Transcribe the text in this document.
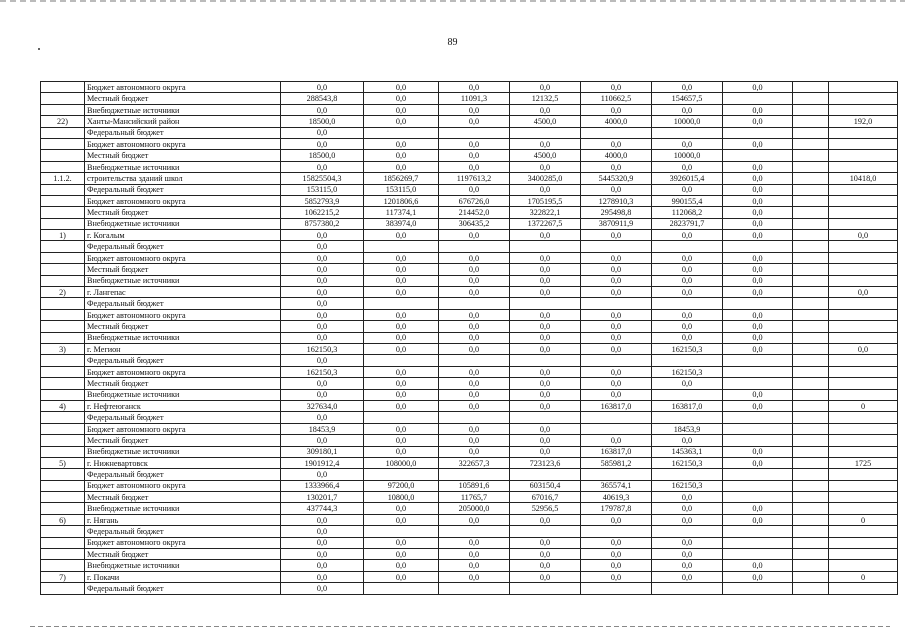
89
	Бюджет автономного округа	0,0	0,0	0,0	0,0	0,0	0,0	0,0		
	Местный бюджет	288543,8	0,0	11091,3	12132,5	110662,5	154657,5			
	Внебюджетные источники	0,0	0,0	0,0	0,0	0,0	0,0	0,0		
22)	Ханты-Мансийский район	18500,0	0,0	0,0	4500,0	4000,0	10000,0	0,0		192,0
	Федеральный бюджет	0,0								
	Бюджет автономного округа	0,0	0,0	0,0	0,0	0,0	0,0	0,0		
	Местный бюджет	18500,0	0,0	0,0	4500,0	4000,0	10000,0			
	Внебюджетные источники	0,0	0,0	0,0	0,0	0,0	0,0	0,0		
1.1.2.	строительства зданий школ	15825504,3	1856269,7	1197613,2	3400285,0	5445320,9	3926015,4	0,0		10418,0
	Федеральный бюджет	153115,0	153115,0	0,0	0,0	0,0	0,0	0,0		
	Бюджет автономного округа	5852793,9	1201806,6	676726,0	1705195,5	1278910,3	990155,4	0,0		
	Местный бюджет	1062215,2	117374,1	214452,0	322822,1	295498,8	112068,2	0,0		
	Внебюджетные источники	8757380,2	383974,0	306435,2	1372267,5	3870911,9	2823791,7	0,0		
1)	г. Когалым	0,0	0,0	0,0	0,0	0,0	0,0	0,0		0,0
	Федеральный бюджет	0,0								
	Бюджет автономного округа	0,0	0,0	0,0	0,0	0,0	0,0	0,0		
	Местный бюджет	0,0	0,0	0,0	0,0	0,0	0,0	0,0		
	Внебюджетные источники	0,0	0,0	0,0	0,0	0,0	0,0	0,0		
2)	г. Лангепас	0,0	0,0	0,0	0,0	0,0	0,0	0,0		0,0
	Федеральный бюджет	0,0								
	Бюджет автономного округа	0,0	0,0	0,0	0,0	0,0	0,0	0,0		
	Местный бюджет	0,0	0,0	0,0	0,0	0,0	0,0	0,0		
	Внебюджетные источники	0,0	0,0	0,0	0,0	0,0	0,0	0,0		
3)	г. Мегион	162150,3	0,0	0,0	0,0	0,0	162150,3	0,0		0,0
	Федеральный бюджет	0,0								
	Бюджет автономного округа	162150,3	0,0	0,0	0,0	0,0	162150,3			
	Местный бюджет	0,0	0,0	0,0	0,0	0,0	0,0			
	Внебюджетные источники	0,0	0,0	0,0	0,0	0,0		0,0		
4)	г. Нефтеюганск	327634,0	0,0	0,0	0,0	163817,0	163817,0	0,0		0
	Федеральный бюджет	0,0								
	Бюджет автономного округа	18453,9	0,0	0,0	0,0		18453,9			
	Местный бюджет	0,0	0,0	0,0	0,0	0,0	0,0			
	Внебюджетные источники	309180,1	0,0	0,0	0,0	163817,0	145363,1	0,0		
5)	г. Нижневартовск	1901912,4	108000,0	322657,3	723123,6	585981,2	162150,3	0,0		1725
	Федеральный бюджет	0,0								
	Бюджет автономного округа	1333966,4	97200,0	105891,6	603150,4	365574,1	162150,3			
	Местный бюджет	130201,7	10800,0	11765,7	67016,7	40619,3	0,0			
	Внебюджетные источники	437744,3	0,0	205000,0	52956,5	179787,8	0,0	0,0		
6)	г. Нягань	0,0	0,0	0,0	0,0	0,0	0,0	0,0		0
	Федеральный бюджет	0,0								
	Бюджет автономного округа	0,0	0,0	0,0	0,0	0,0	0,0			
	Местный бюджет	0,0	0,0	0,0	0,0	0,0	0,0			
	Внебюджетные источники	0,0	0,0	0,0	0,0	0,0	0,0	0,0		
7)	г. Покачи	0,0	0,0	0,0	0,0	0,0	0,0	0,0		0
	Федеральный бюджет	0,0								
